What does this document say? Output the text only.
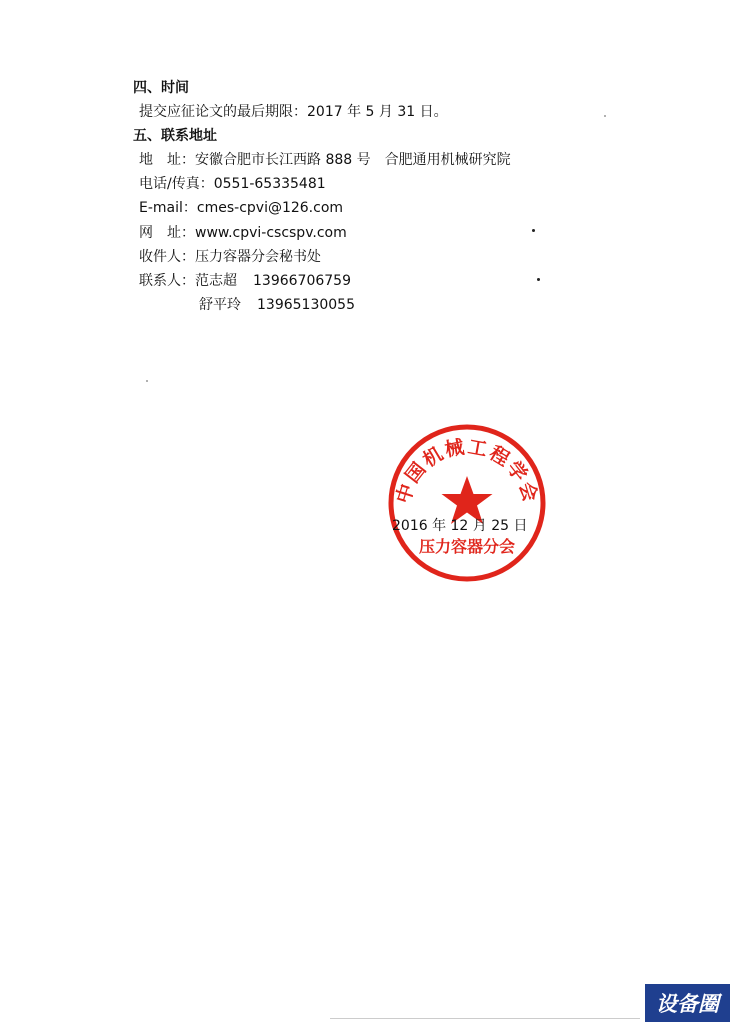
四、时间
提交应征论文的最后期限：2017 年 5 月 31 日。
五、联系地址
地　址：安徽合肥市长江西路 888 号　合肥通用机械研究院
电话/传真：0551-65335481
E-mail：cmes-cpvi@126.com
网　址：www.cpvi-cscspv.com
收件人：压力容器分会秘书处
联系人：范志超 13966706759
舒平玲 13965130055
中国机械工程学会
压力容器分会
2016 年 12 月 25 日
设备圈
